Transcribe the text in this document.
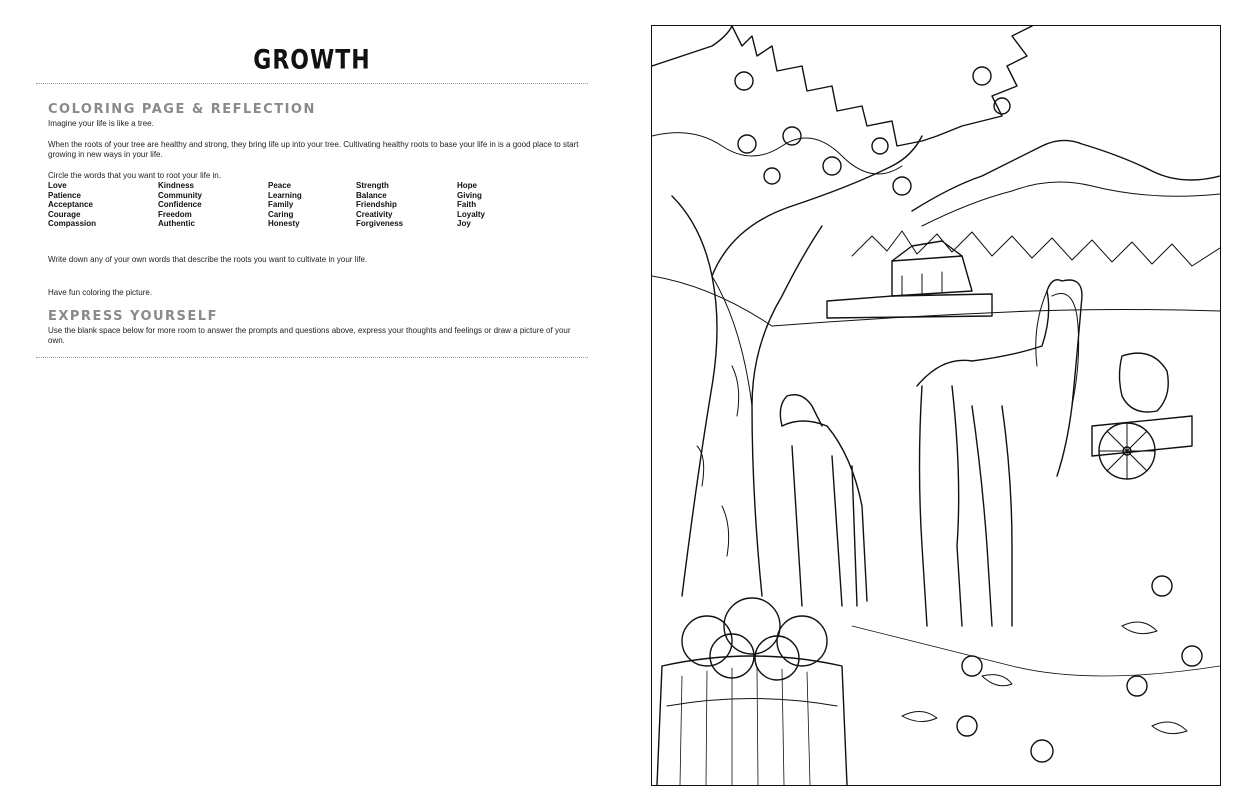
GROWTH
COLORING PAGE & REFLECTION

Imagine your life is like a tree.

When the roots of your tree are healthy and strong, they bring life up into your tree. Cultivating healthy roots to base your life in is a good place to start growing in new ways in your life.

Circle the words that you want to root your life in.

Love	Kindness	Peace	Strength	Hope
Patience	Community	Learning	Balance	Giving
Acceptance	Confidence	Family	Friendship	Faith
Courage	Freedom	Caring	Creativity	Loyalty
Compassion	Authentic	Honesty	Forgiveness	Joy

Write down any of your own words that describe the roots you want to cultivate in your life.

Have fun coloring the picture.

EXPRESS YOURSELF

Use the blank space below for more room to answer the prompts and questions above, express your thoughts and feelings or draw a picture of your own.
